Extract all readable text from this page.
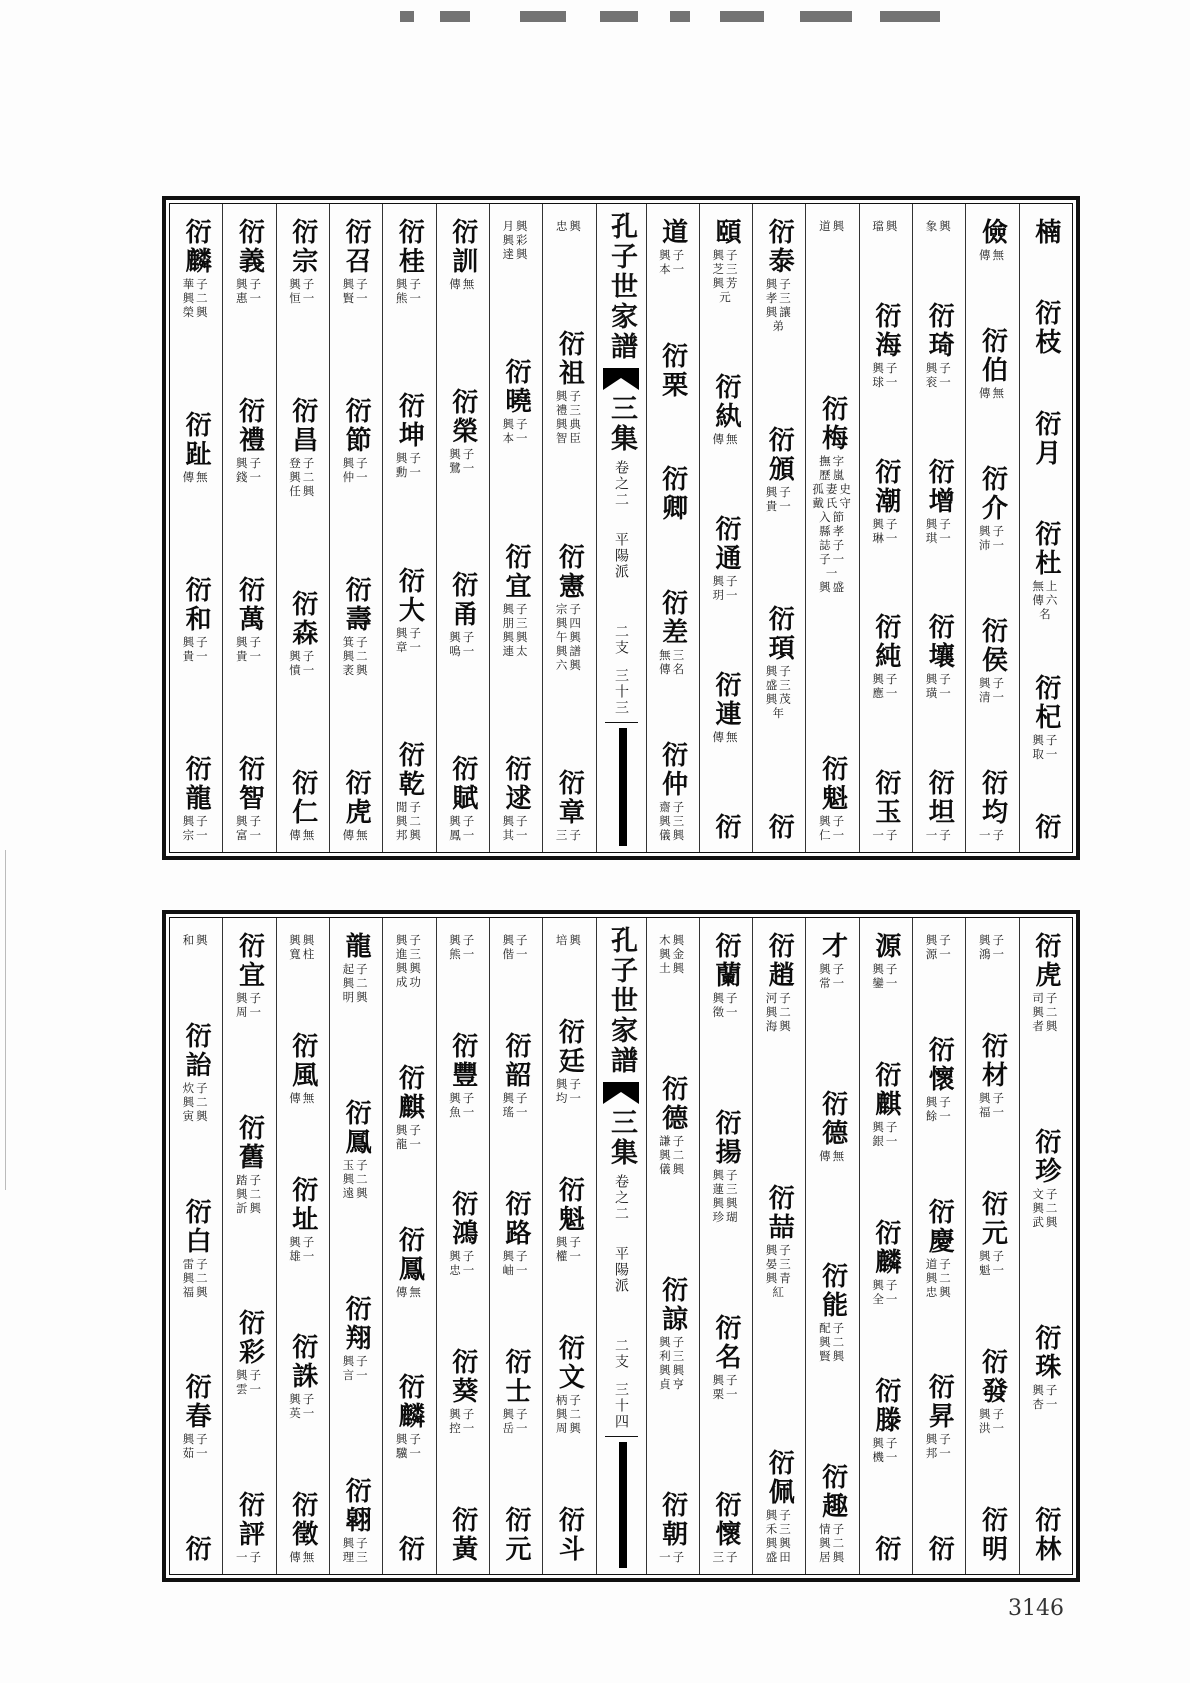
孔子世家譜
三集
卷之二
平陽派
二支
三十三
楠
衍枝
衍月
衍杜
無上
傳六
名
衍杞
興子
取一
衍
儉
傳無
衍伯
傳無
衍介
興子
沛一
衍侯
興子
清一
衍均
一子
象興
衍琦
興子
衮一
衍增
興子
琪一
衍壤
興子
璜一
衍坦
一子
璫興
衍海
興子
球一
衍潮
興子
琳一
衍純
興子
應一
衍玉
一子
道興
衍梅
撫字
歷嵐
孤妻史
戴氏守
入節
縣孝
誌子
子一
一
興盛
衍魁
興子
仁一
衍泰
興子
孝三
興讓
弟
衍頒
興子
貴一
衍頊
興子
盛三
興茂
年
衍
頤
興子
芝三
興芳
元
衍紈
傳無
衍通
興子
玥一
衍連
傳無
衍
道
興子
本一
衍栗
衍卿
衍差
無三
傳名
衍仲
齋子
興三
儀興
忠興
衍祖
興子
禮三
興典
智臣
衍憲
宗子
興四
午興
興譜
六興
衍章
三子
月興
興彩
達興
衍曉
興子
本一
衍宜
興子
朋三
興興
連太
衍逑
興子
其一
衍訓
傳無
衍榮
興子
鷺一
衍甬
興子
鳴一
衍賦
興子
鳳一
衍桂
興子
熊一
衍坤
興子
勳一
衍大
興子
章一
衍乾
閒子
興二
邦興
衍召
興子
賢一
衍節
興子
仲一
衍壽
箕子
興二
袤興
衍虎
傳無
衍宗
興子
恒一
衍昌
登子
興二
任興
衍森
興子
憤一
衍仁
傳無
衍義
興子
惠一
衍禮
興子
錢一
衍萬
興子
貴一
衍智
興子
富一
衍麟
華子
興二
榮興
衍趾
傳無
衍和
興子
貴一
衍龍
興子
宗一
孔子世家譜
三集
卷之二
平陽派
二支
三十四
衍虎
司子
興二
者興
衍珍
文子
興二
武興
衍珠
興子
杏一
衍林
興子
鴻一
衍材
興子
福一
衍元
興子
魁一
衍發
興子
洪一
衍明
興子
源一
衍懷
興子
餘一
衍慶
道子
興二
忠興
衍昇
興子
邦一
衍
源
興子
鑾一
衍麒
興子
銀一
衍麟
興子
全一
衍滕
興子
機一
衍
才
興子
常一
衍德
傳無
衍能
配子
興二
賢興
衍趣
情子
興二
居興
衍趙
河子
興二
海興
衍喆
興子
晏三
興青
紅
衍佩
興子
禾三
興興
盛田
衍蘭
興子
徵一
衍揚
興子
蓮三
興興
珍瑚
衍名
興子
栗一
衍懷
三子
木興
興金
土興
衍德
謙子
興二
儀興
衍諒
興子
利三
興興
貞亨
衍朝
一子
培興
衍廷
興子
均一
衍魁
興子
權一
衍文
柄子
興二
周興
衍斗
興子
偕一
衍韶
興子
瑤一
衍路
興子
岫一
衍士
興子
岳一
衍元
興子
熊一
衍豐
興子
魚一
衍鴻
興子
忠一
衍葵
興子
控一
衍黃
興子
進三
興興
成功
衍麒
興子
龍一
衍鳳
傳無
衍麟
興子
驥一
衍
龍
起子
興二
明興
衍鳳
玉子
興二
遠興
衍翔
興子
言一
衍翶
興子
理三
興興
寬柱
衍風
傳無
衍址
興子
雄一
衍誅
興子
英一
衍徵
傳無
衍宜
興子
周一
衍舊
踏子
興二
訢興
衍彩
興子
雲一
衍評
一子
和興
衍詒
炊子
興二
寅興
衍白
雷子
興二
福興
衍春
興子
茹一
衍
3146
